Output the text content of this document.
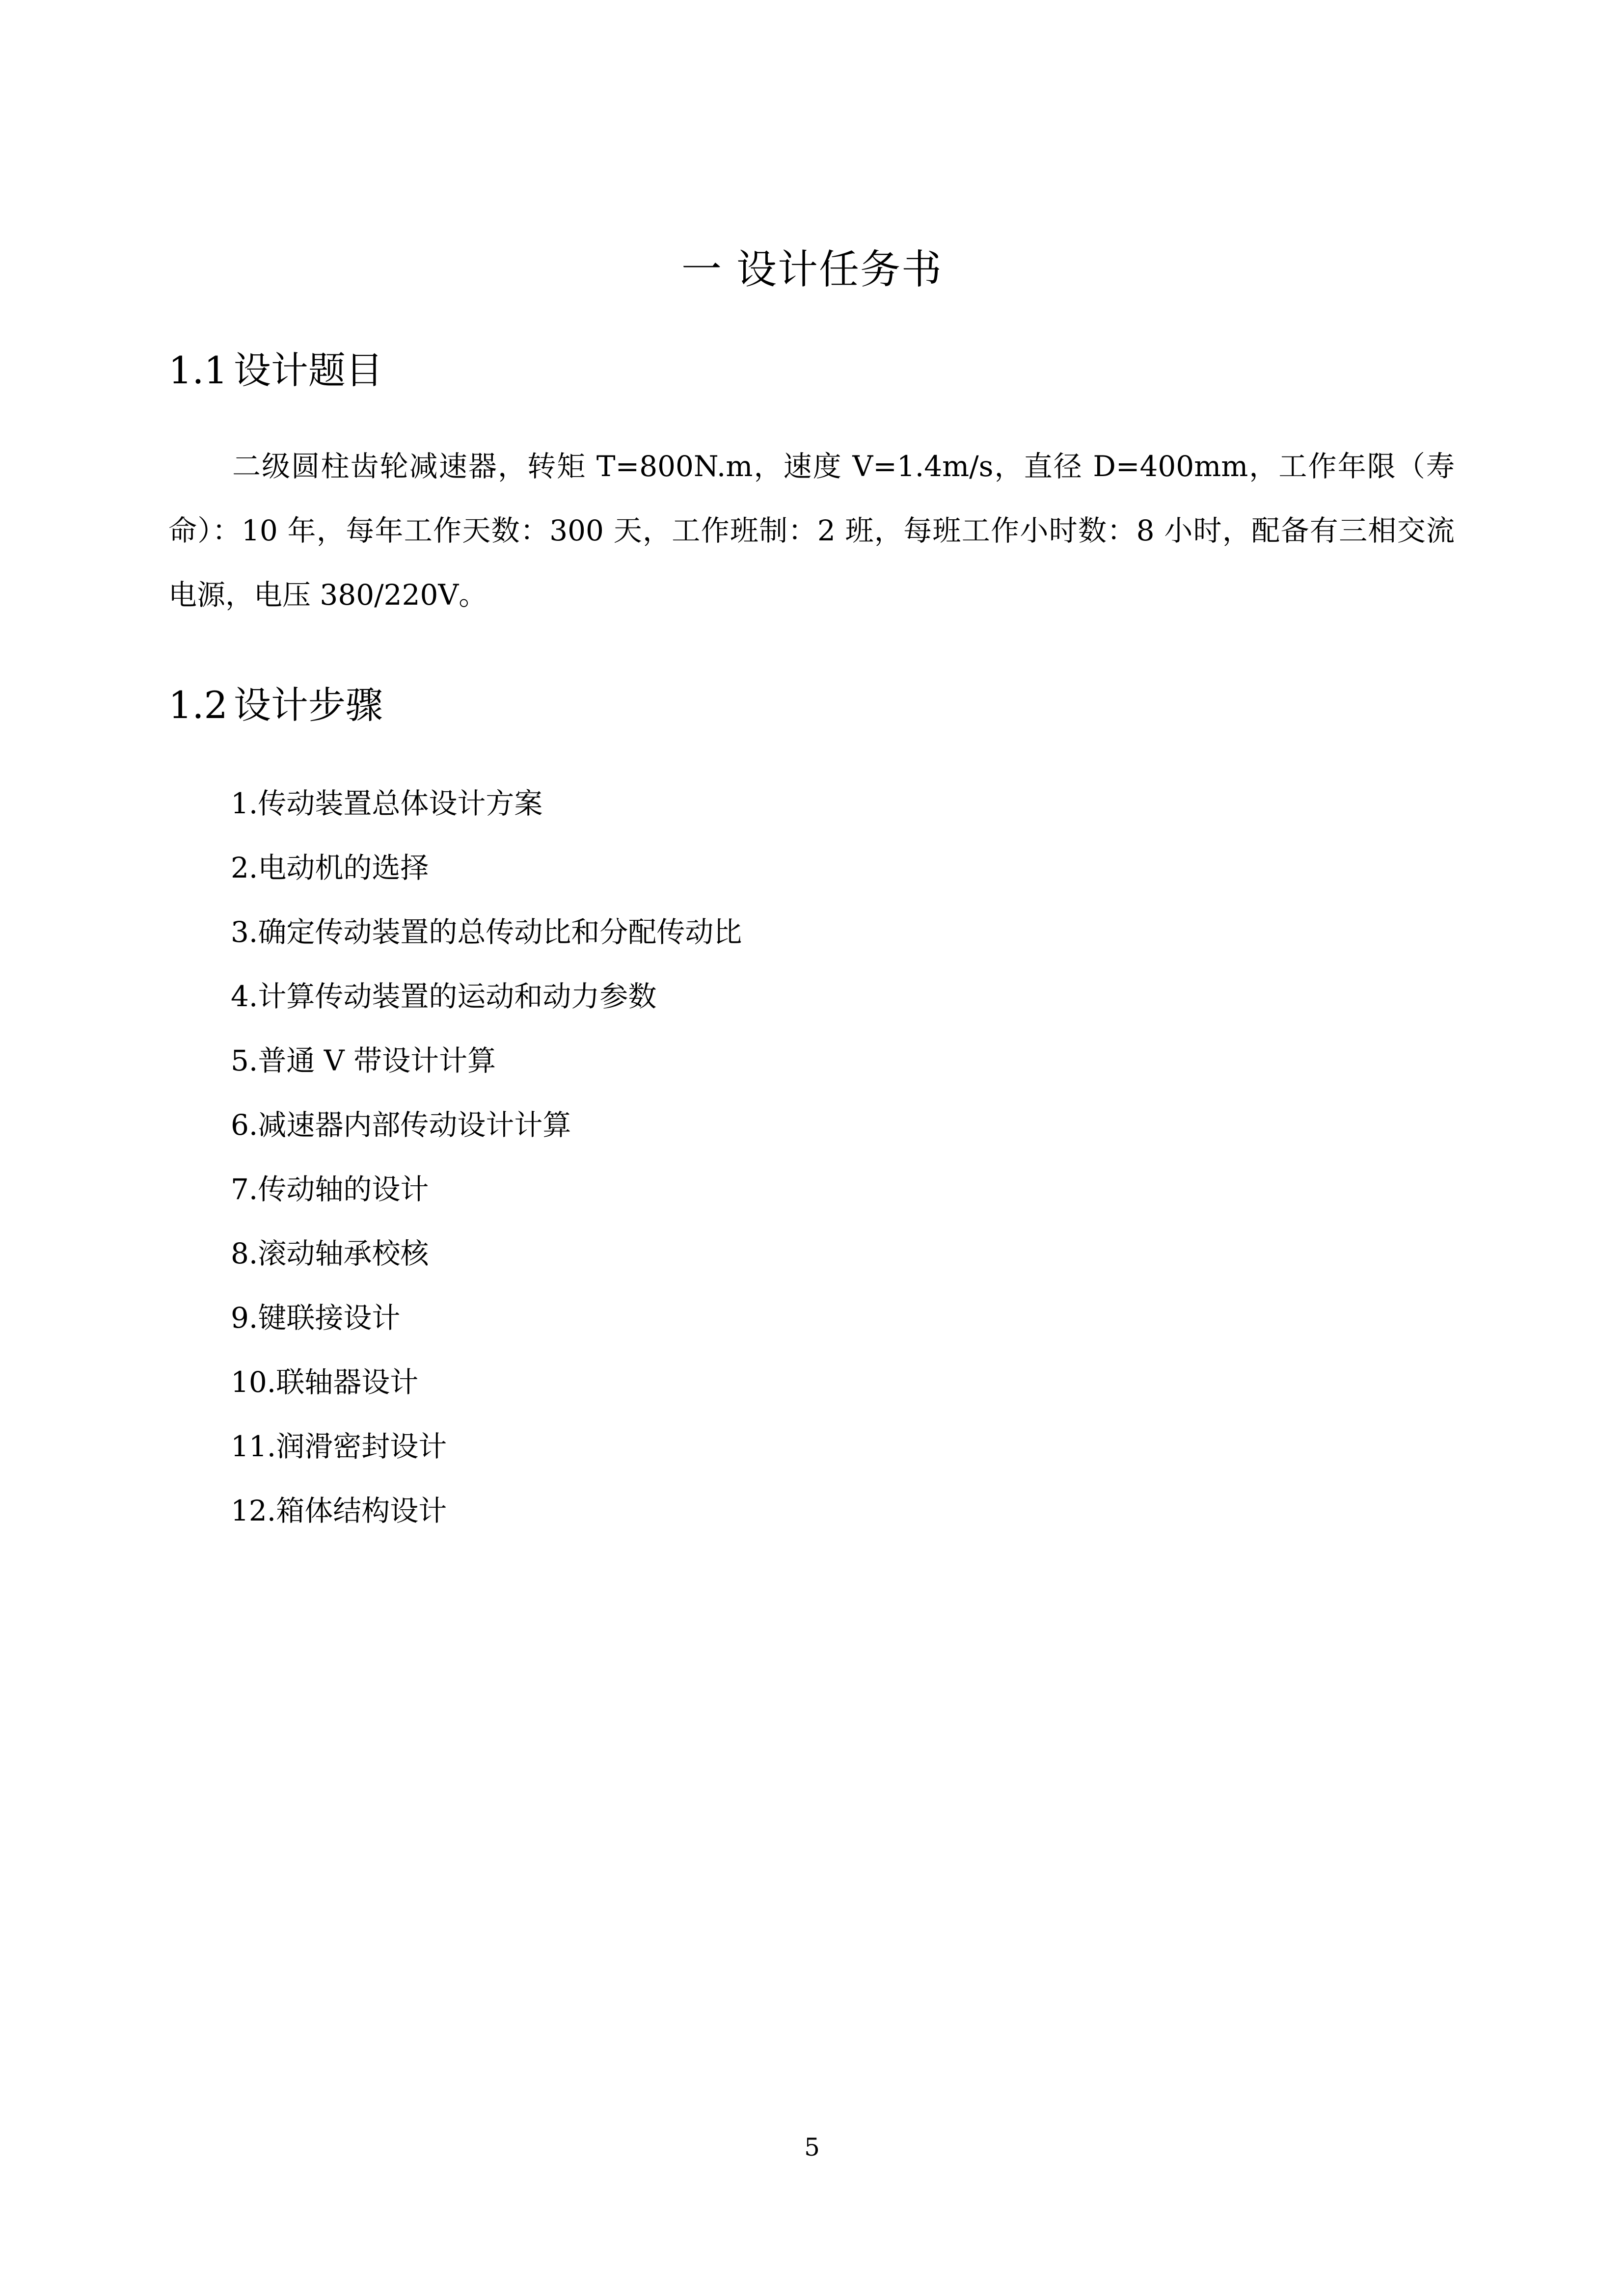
一 设计任务书
1.1 设计题目

二级圆柱齿轮减速器，转矩 T=800N.m，速度 V=1.4m/s，直径 D=400mm，工作年限（寿命）：10 年，每年工作天数：300 天，工作班制：2 班，每班工作小时数：8 小时，配备有三相交流电源，电压 380/220V。

1.2 设计步骤
1.传动装置总体设计方案
2.电动机的选择
3.确定传动装置的总传动比和分配传动比
4.计算传动装置的运动和动力参数
5.普通 V 带设计计算
6.减速器内部传动设计计算
7.传动轴的设计
8.滚动轴承校核
9.键联接设计
10.联轴器设计
11.润滑密封设计
12.箱体结构设计
5
